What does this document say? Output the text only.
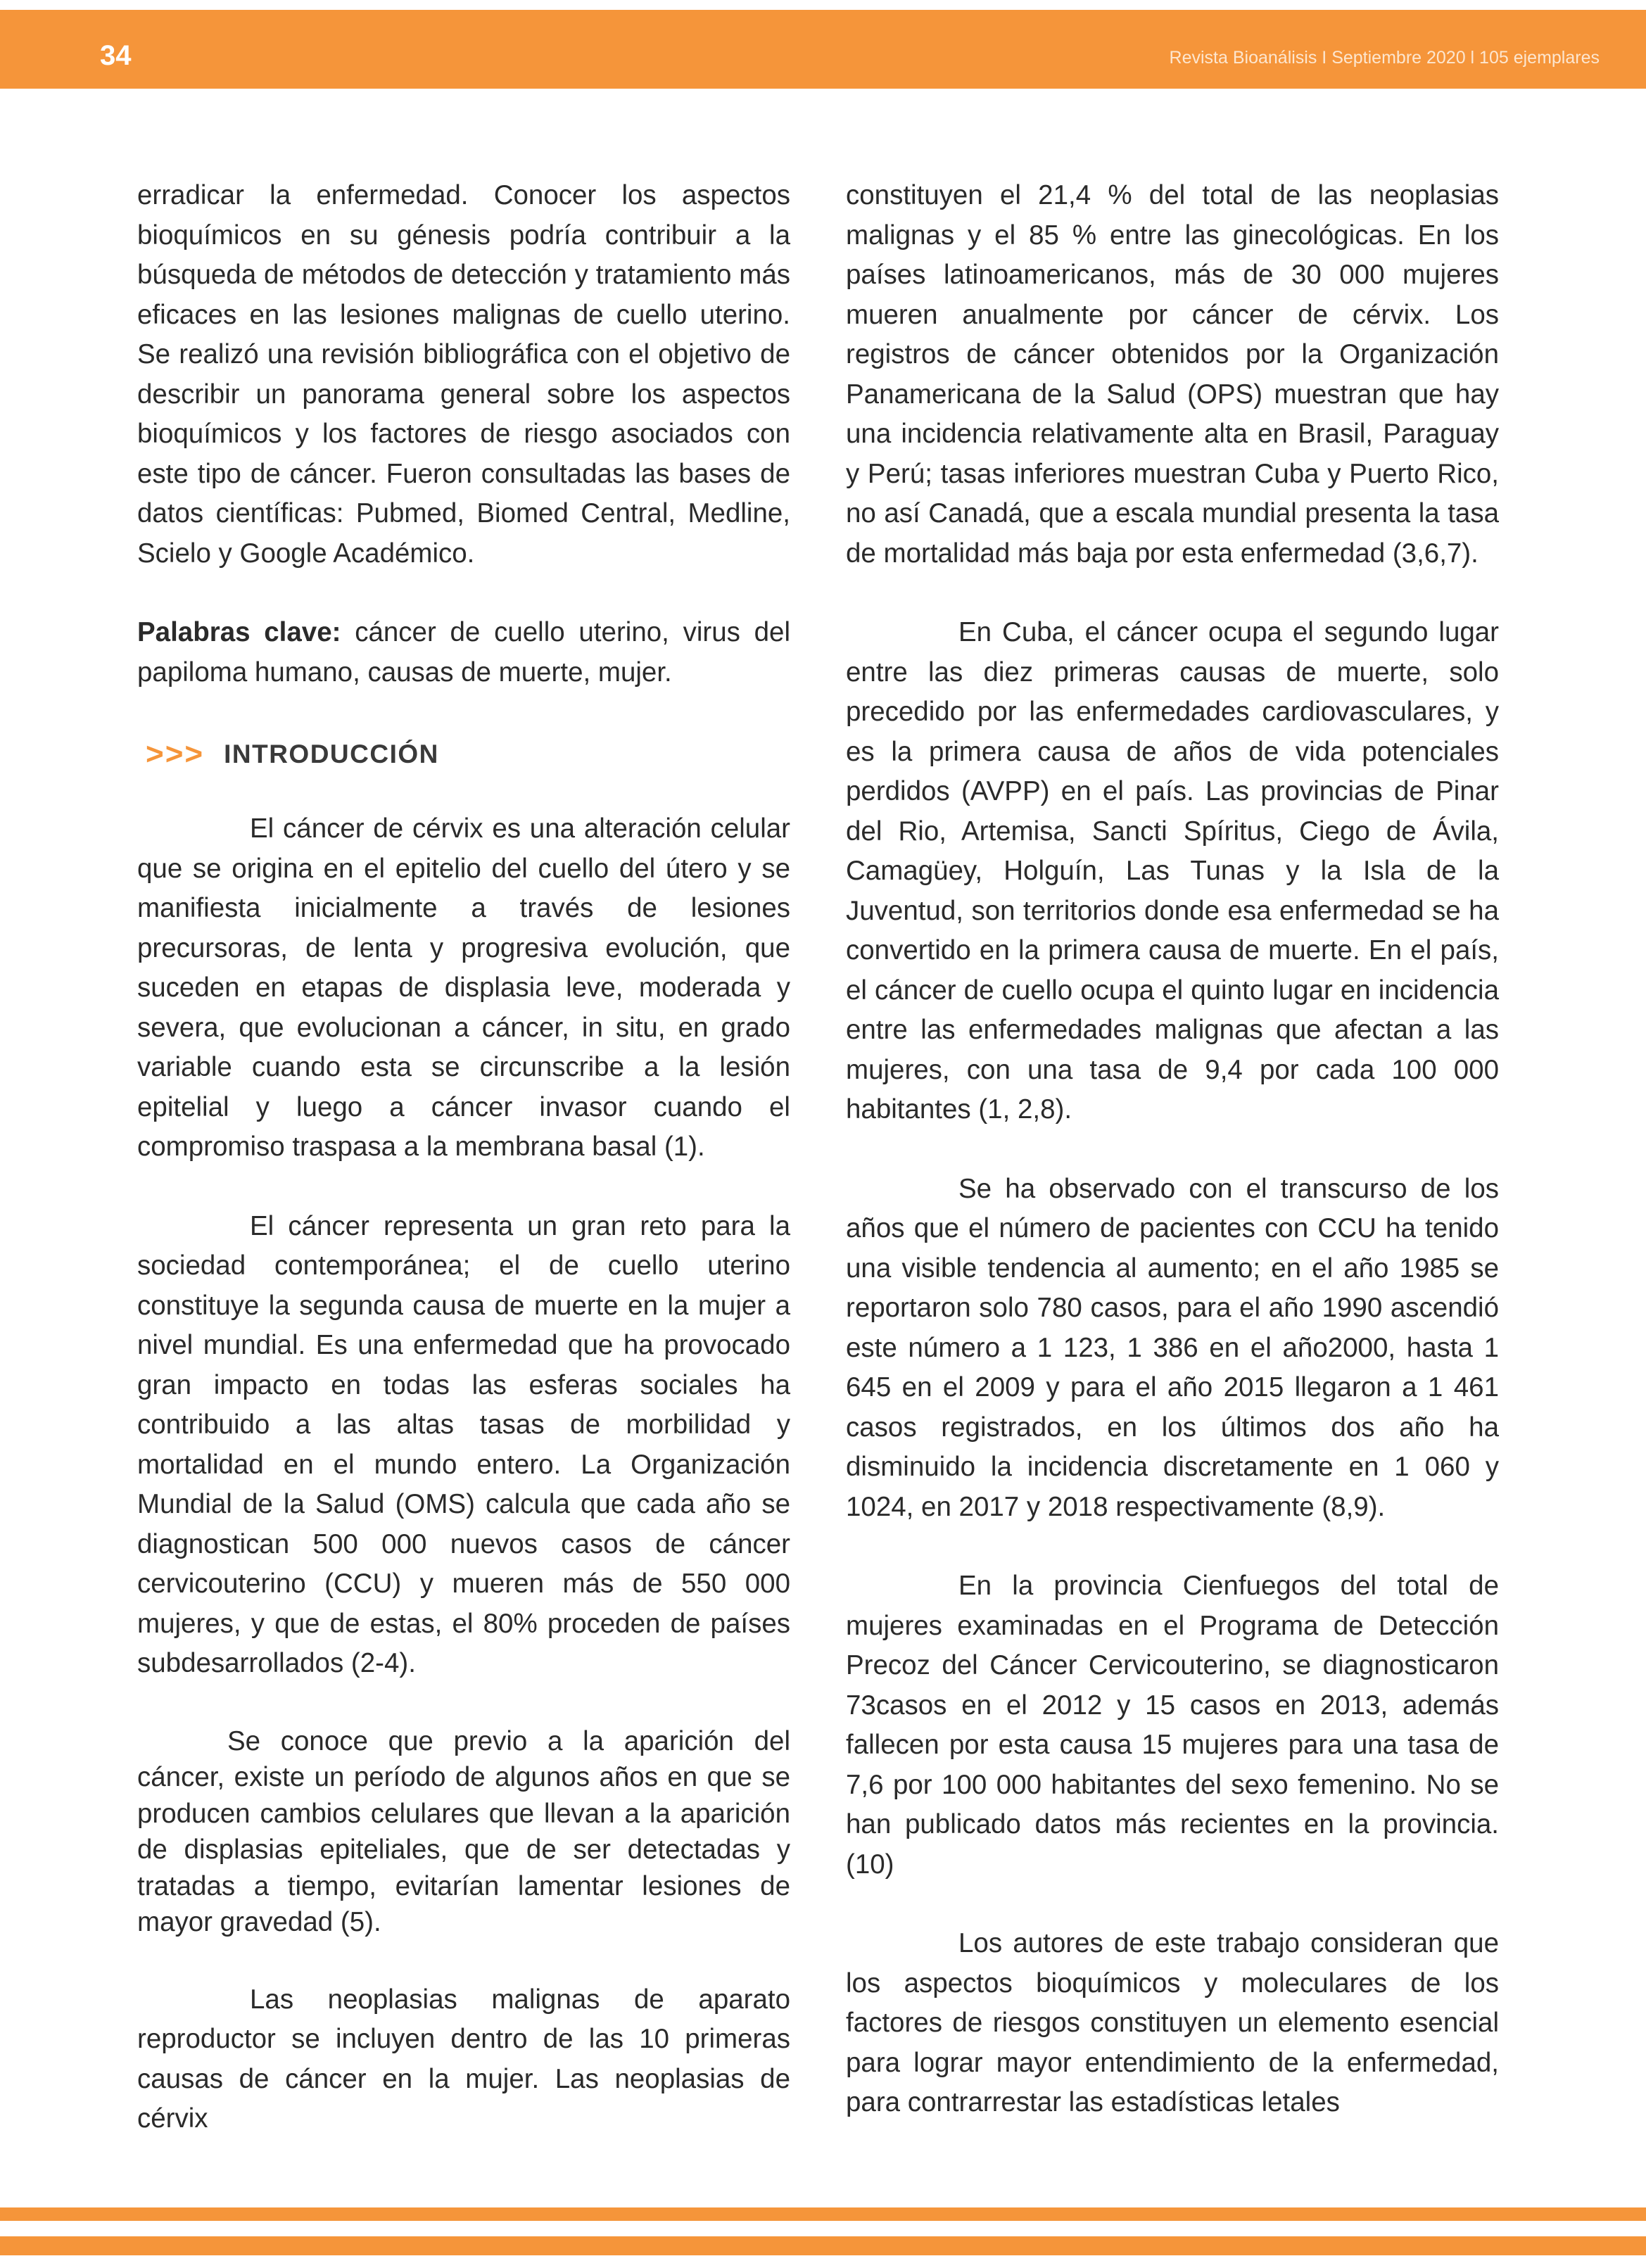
34	Revista Bioanálisis I Septiembre 2020 l 105 ejemplares

erradicar la enfermedad. Conocer los aspectos bioquímicos en su génesis podría contribuir a la búsqueda de métodos de detección y tratamiento más eficaces en las lesiones malignas de cuello uterino. Se realizó una revisión bibliográfica con el objetivo de describir un panorama general sobre los aspectos bioquímicos y los factores de riesgo asociados con este tipo de cáncer. Fueron consultadas las bases de datos científicas: Pubmed, Biomed Central, Medline, Scielo y Google Académico.

Palabras clave: cáncer de cuello uterino, virus del papiloma humano, causas de muerte, mujer.

>>> INTRODUCCIÓN

El cáncer de cérvix es una alteración celular que se origina en el epitelio del cuello del útero y se manifiesta inicialmente a través de lesiones precursoras, de lenta y progresiva evolución, que suceden en etapas de displasia leve, moderada y severa, que evolucionan a cáncer, in situ, en grado variable cuando esta se circunscribe a la lesión epitelial y luego a cáncer invasor cuando el compromiso traspasa a la membrana basal (1).

El cáncer representa un gran reto para la sociedad contemporánea; el de cuello uterino constituye la segunda causa de muerte en la mujer a nivel mundial. Es una enfermedad que ha provocado gran impacto en todas las esferas sociales ha contribuido a las altas tasas de morbilidad y mortalidad en el mundo entero. La Organización Mundial de la Salud (OMS) calcula que cada año se diagnostican 500 000 nuevos casos de cáncer cervicouterino (CCU) y mueren más de 550 000 mujeres, y que de estas, el 80% proceden de países subdesarrollados (2-4).

Se conoce que previo a la aparición del cáncer, existe un período de algunos años en que se producen cambios celulares que llevan a la aparición de displasias epiteliales, que de ser detectadas y tratadas a tiempo, evitarían lamentar lesiones de mayor gravedad (5).

Las neoplasias malignas de aparato reproductor se incluyen dentro de las 10 primeras causas de cáncer en la mujer. Las neoplasias de cérvix

constituyen el 21,4 % del total de las neoplasias malignas y el 85 % entre las ginecológicas. En los países latinoamericanos, más de 30 000 mujeres mueren anualmente por cáncer de cérvix. Los registros de cáncer obtenidos por la Organización Panamericana de la Salud (OPS) muestran que hay una incidencia relativamente alta en Brasil, Paraguay y Perú; tasas inferiores muestran Cuba y Puerto Rico, no así Canadá, que a escala mundial presenta la tasa de mortalidad más baja por esta enfermedad (3,6,7).

En Cuba, el cáncer ocupa el segundo lugar entre las diez primeras causas de muerte, solo precedido por las enfermedades cardiovasculares, y es la primera causa de años de vida potenciales perdidos (AVPP) en el país. Las provincias de Pinar del Rio, Artemisa, Sancti Spíritus, Ciego de Ávila, Camagüey, Holguín, Las Tunas y la Isla de la Juventud, son territorios donde esa enfermedad se ha convertido en la primera causa de muerte. En el país, el cáncer de cuello ocupa el quinto lugar en incidencia entre las enfermedades malignas que afectan a las mujeres, con una tasa de 9,4 por cada 100 000 habitantes (1, 2,8).

Se ha observado con el transcurso de los años que el número de pacientes con CCU ha tenido una visible tendencia al aumento; en el año 1985 se reportaron solo 780 casos, para el año 1990 ascendió este número a 1 123, 1 386 en el año2000, hasta 1 645 en el 2009 y para el año 2015 llegaron a 1 461 casos registrados, en los últimos dos año ha disminuido la incidencia discretamente en 1 060 y 1024, en 2017 y 2018 respectivamente (8,9).

En la provincia Cienfuegos del total de mujeres examinadas en el Programa de Detección Precoz del Cáncer Cervicouterino, se diagnosticaron 73casos en el 2012 y 15 casos en 2013, además fallecen por esta causa 15 mujeres para una tasa de 7,6 por 100 000 habitantes del sexo femenino. No se han publicado datos más recientes en la provincia. (10)

Los autores de este trabajo consideran que los aspectos bioquímicos y moleculares de los factores de riesgos constituyen un elemento esencial para lograr mayor entendimiento de la enfermedad, para contrarrestar las estadísticas letales
